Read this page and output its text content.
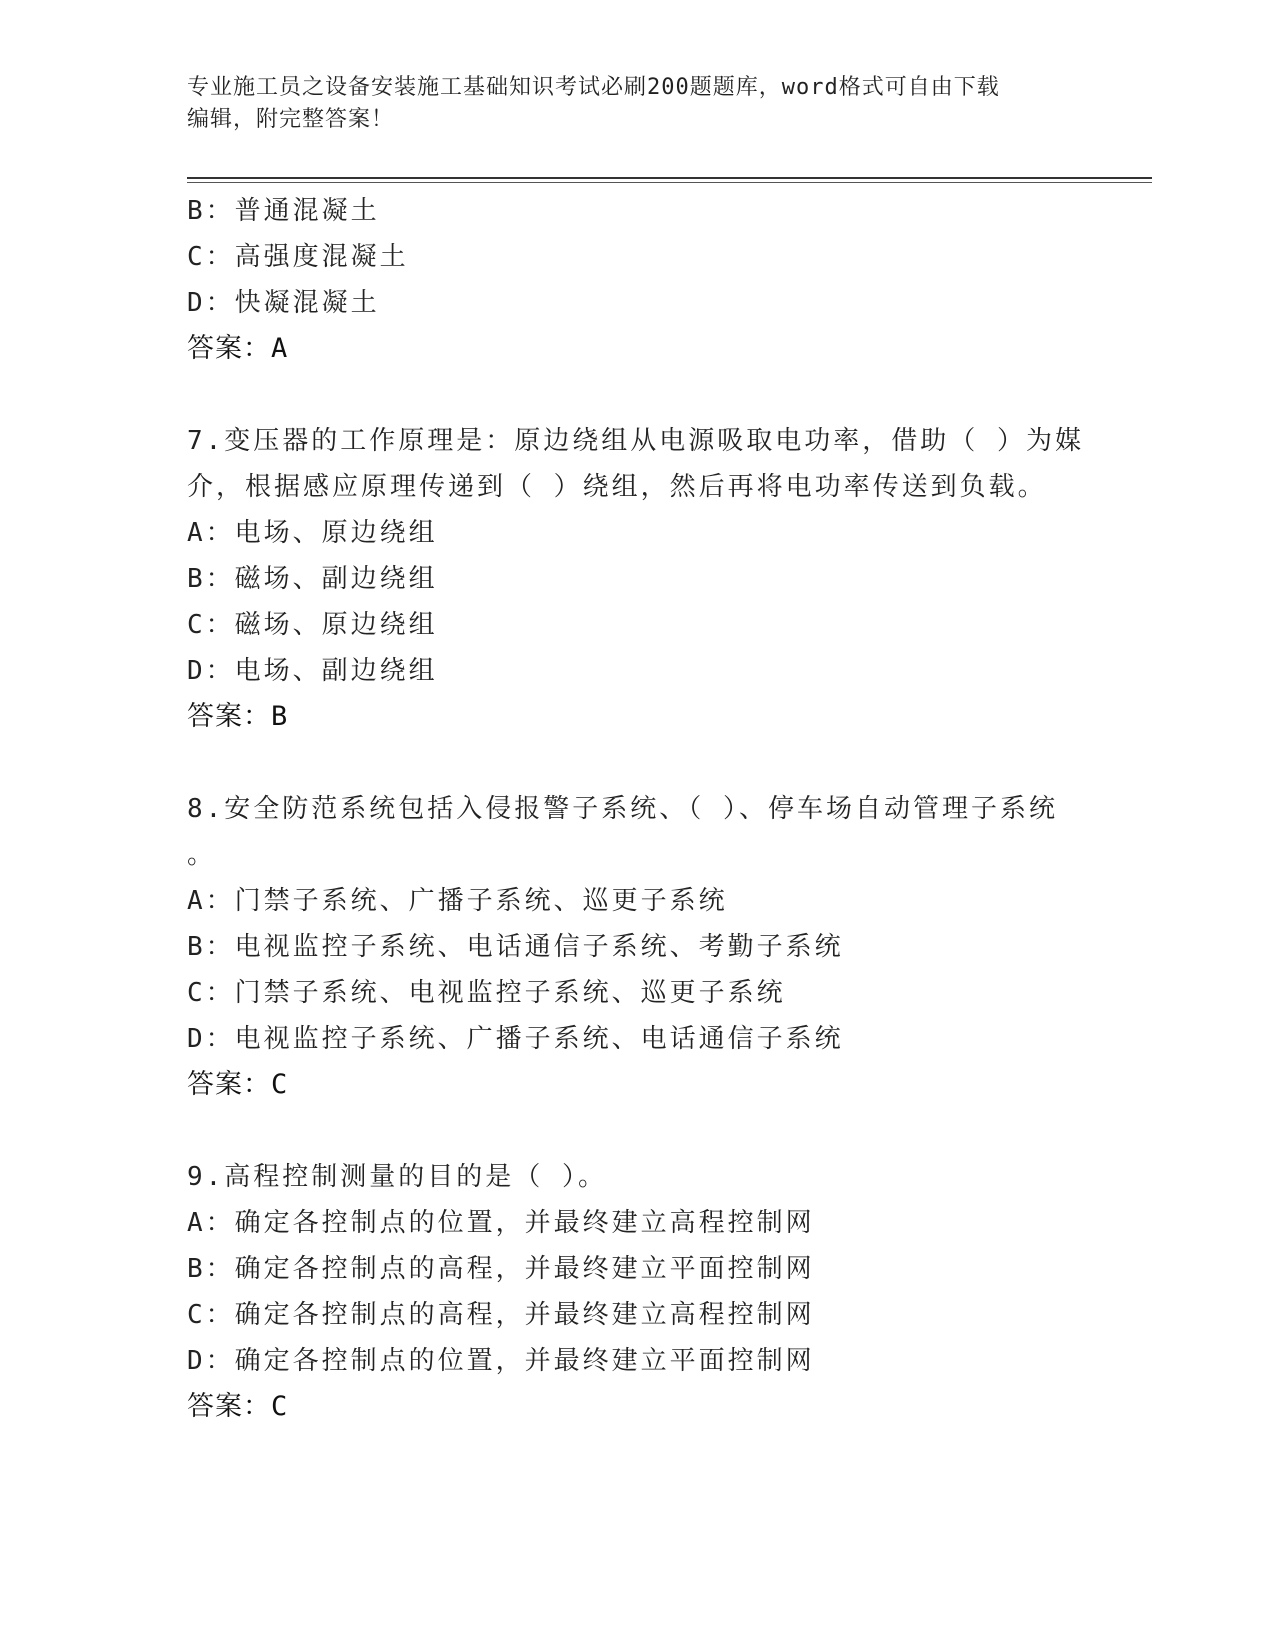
专业施工员之设备安装施工基础知识考试必刷200题题库，word格式可自由下载
编辑，附完整答案！
B：普通混凝土
C：高强度混凝土
D：快凝混凝土
答案：A
7.变压器的工作原理是：原边绕组从电源吸取电功率，借助（ ）为媒
介，根据感应原理传递到（ ）绕组，然后再将电功率传送到负载。
A：电场、原边绕组
B：磁场、副边绕组
C：磁场、原边绕组
D：电场、副边绕组
答案：B
8.安全防范系统包括入侵报警子系统、（ ）、停车场自动管理子系统
。
A：门禁子系统、广播子系统、巡更子系统
B：电视监控子系统、电话通信子系统、考勤子系统
C：门禁子系统、电视监控子系统、巡更子系统
D：电视监控子系统、广播子系统、电话通信子系统
答案：C
9.高程控制测量的目的是（ ）。
A：确定各控制点的位置，并最终建立高程控制网
B：确定各控制点的高程，并最终建立平面控制网
C：确定各控制点的高程，并最终建立高程控制网
D：确定各控制点的位置，并最终建立平面控制网
答案：C
